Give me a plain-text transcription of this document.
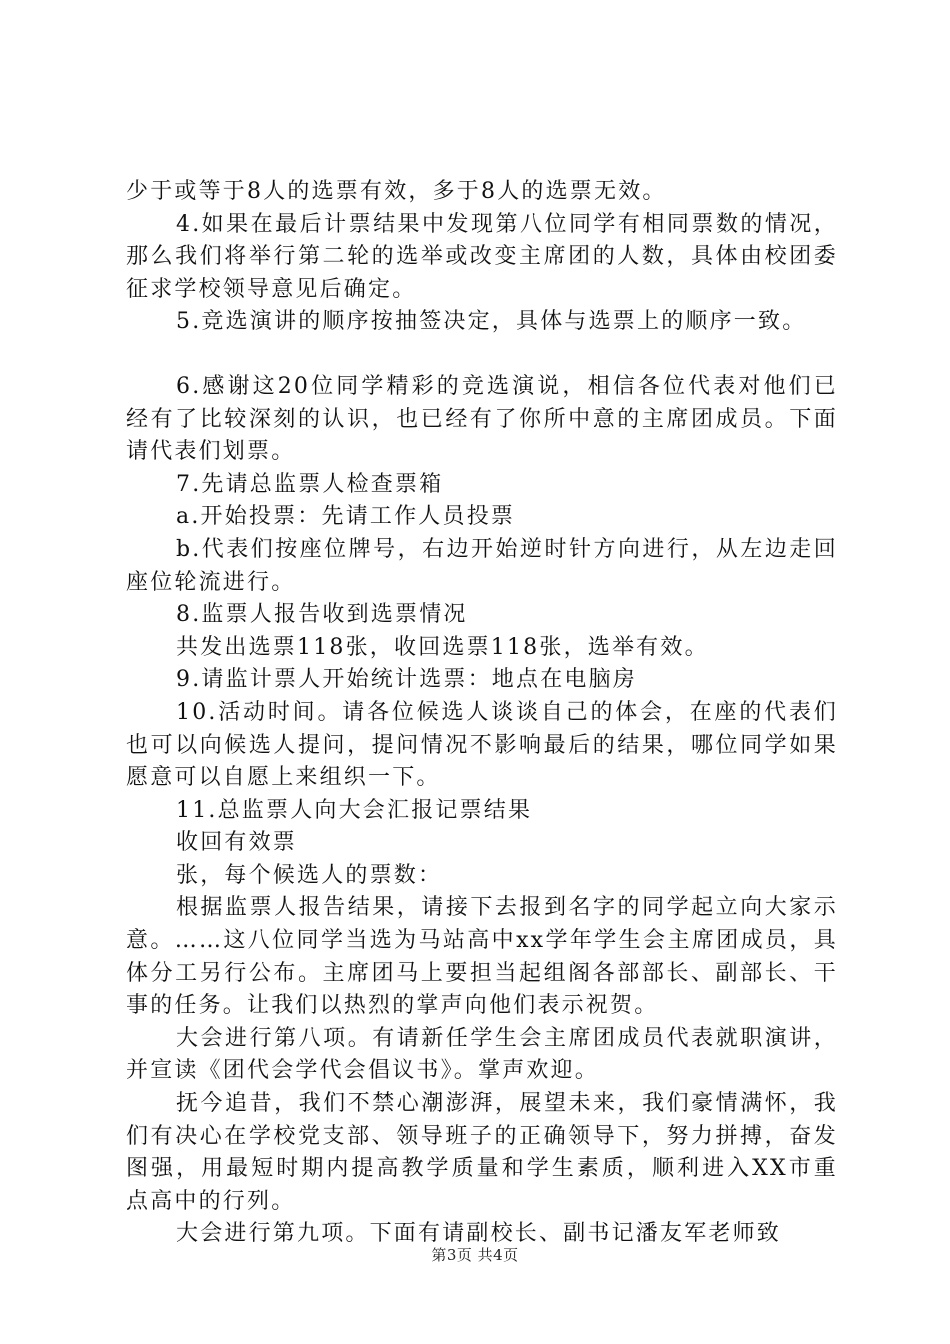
少于或等于8人的选票有效，多于8人的选票无效。

4.如果在最后计票结果中发现第八位同学有相同票数的情况，那么我们将举行第二轮的选举或改变主席团的人数，具体由校团委征求学校领导意见后确定。

5.竞选演讲的顺序按抽签决定，具体与选票上的顺序一致。

6.感谢这20位同学精彩的竞选演说，相信各位代表对他们已经有了比较深刻的认识，也已经有了你所中意的主席团成员。下面请代表们划票。

7.先请总监票人检查票箱

a.开始投票：先请工作人员投票

b.代表们按座位牌号，右边开始逆时针方向进行，从左边走回座位轮流进行。

8.监票人报告收到选票情况

共发出选票118张，收回选票118张，选举有效。

9.请监计票人开始统计选票：地点在电脑房

10.活动时间。请各位候选人谈谈自己的体会，在座的代表们也可以向候选人提问，提问情况不影响最后的结果，哪位同学如果愿意可以自愿上来组织一下。

11.总监票人向大会汇报记票结果

收回有效票

张，每个候选人的票数：

根据监票人报告结果，请接下去报到名字的同学起立向大家示意。……这八位同学当选为马站高中xx学年学生会主席团成员，具体分工另行公布。主席团马上要担当起组阁各部部长、副部长、干事的任务。让我们以热烈的掌声向他们表示祝贺。

大会进行第八项。有请新任学生会主席团成员代表就职演讲，并宣读《团代会学代会倡议书》。掌声欢迎。

抚今追昔，我们不禁心潮澎湃，展望未来，我们豪情满怀，我们有决心在学校党支部、领导班子的正确领导下，努力拼搏，奋发图强，用最短时期内提高教学质量和学生素质，顺利进入XX市重点高中的行列。

大会进行第九项。下面有请副校长、副书记潘友军老师致

第3页 共4页
